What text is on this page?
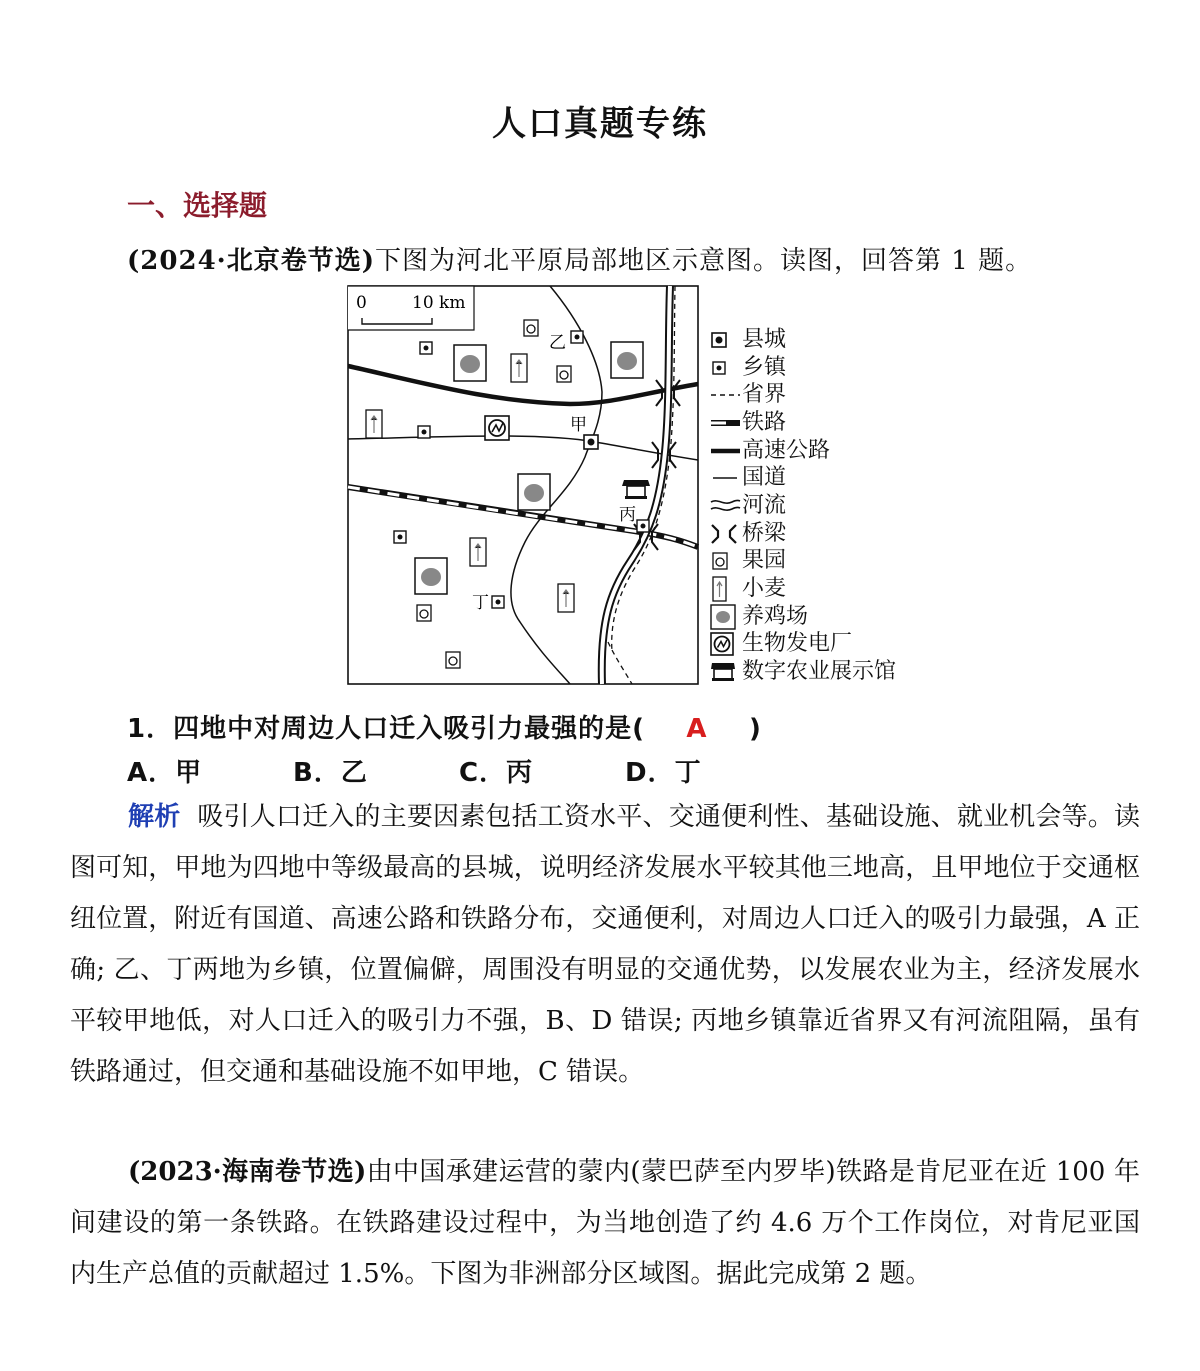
人口真题专练
一、选择题
(2024·北京卷节选)下图为河北平原局部地区示意图。读图，回答第 1 题。
0	10 km
甲
乙
丙
丁
县城
乡镇
省界
铁路
高速公路
国道
河流
桥梁
果园
小麦
养鸡场
生物发电厂
数字农业展示馆
1．四地中对周边人口迁入吸引力最强的是( A )
A．甲	B．乙	C．丙	D．丁
解析 吸引人口迁入的主要因素包括工资水平、交通便利性、基础设施、就业机会等。读图可知，甲地为四地中等级最高的县城，说明经济发展水平较其他三地高，且甲地位于交通枢纽位置，附近有国道、高速公路和铁路分布，交通便利，对周边人口迁入的吸引力最强，A 正确; 乙、丁两地为乡镇，位置偏僻，周围没有明显的交通优势，以发展农业为主，经济发展水平较甲地低，对人口迁入的吸引力不强，B、D 错误; 丙地乡镇靠近省界又有河流阻隔，虽有铁路通过，但交通和基础设施不如甲地，C 错误。
(2023·海南卷节选)由中国承建运营的蒙内(蒙巴萨至内罗毕)铁路是肯尼亚在近 100 年间建设的第一条铁路。在铁路建设过程中，为当地创造了约 4.6 万个工作岗位，对肯尼亚国内生产总值的贡献超过 1.5%。下图为非洲部分区域图。据此完成第 2 题。
